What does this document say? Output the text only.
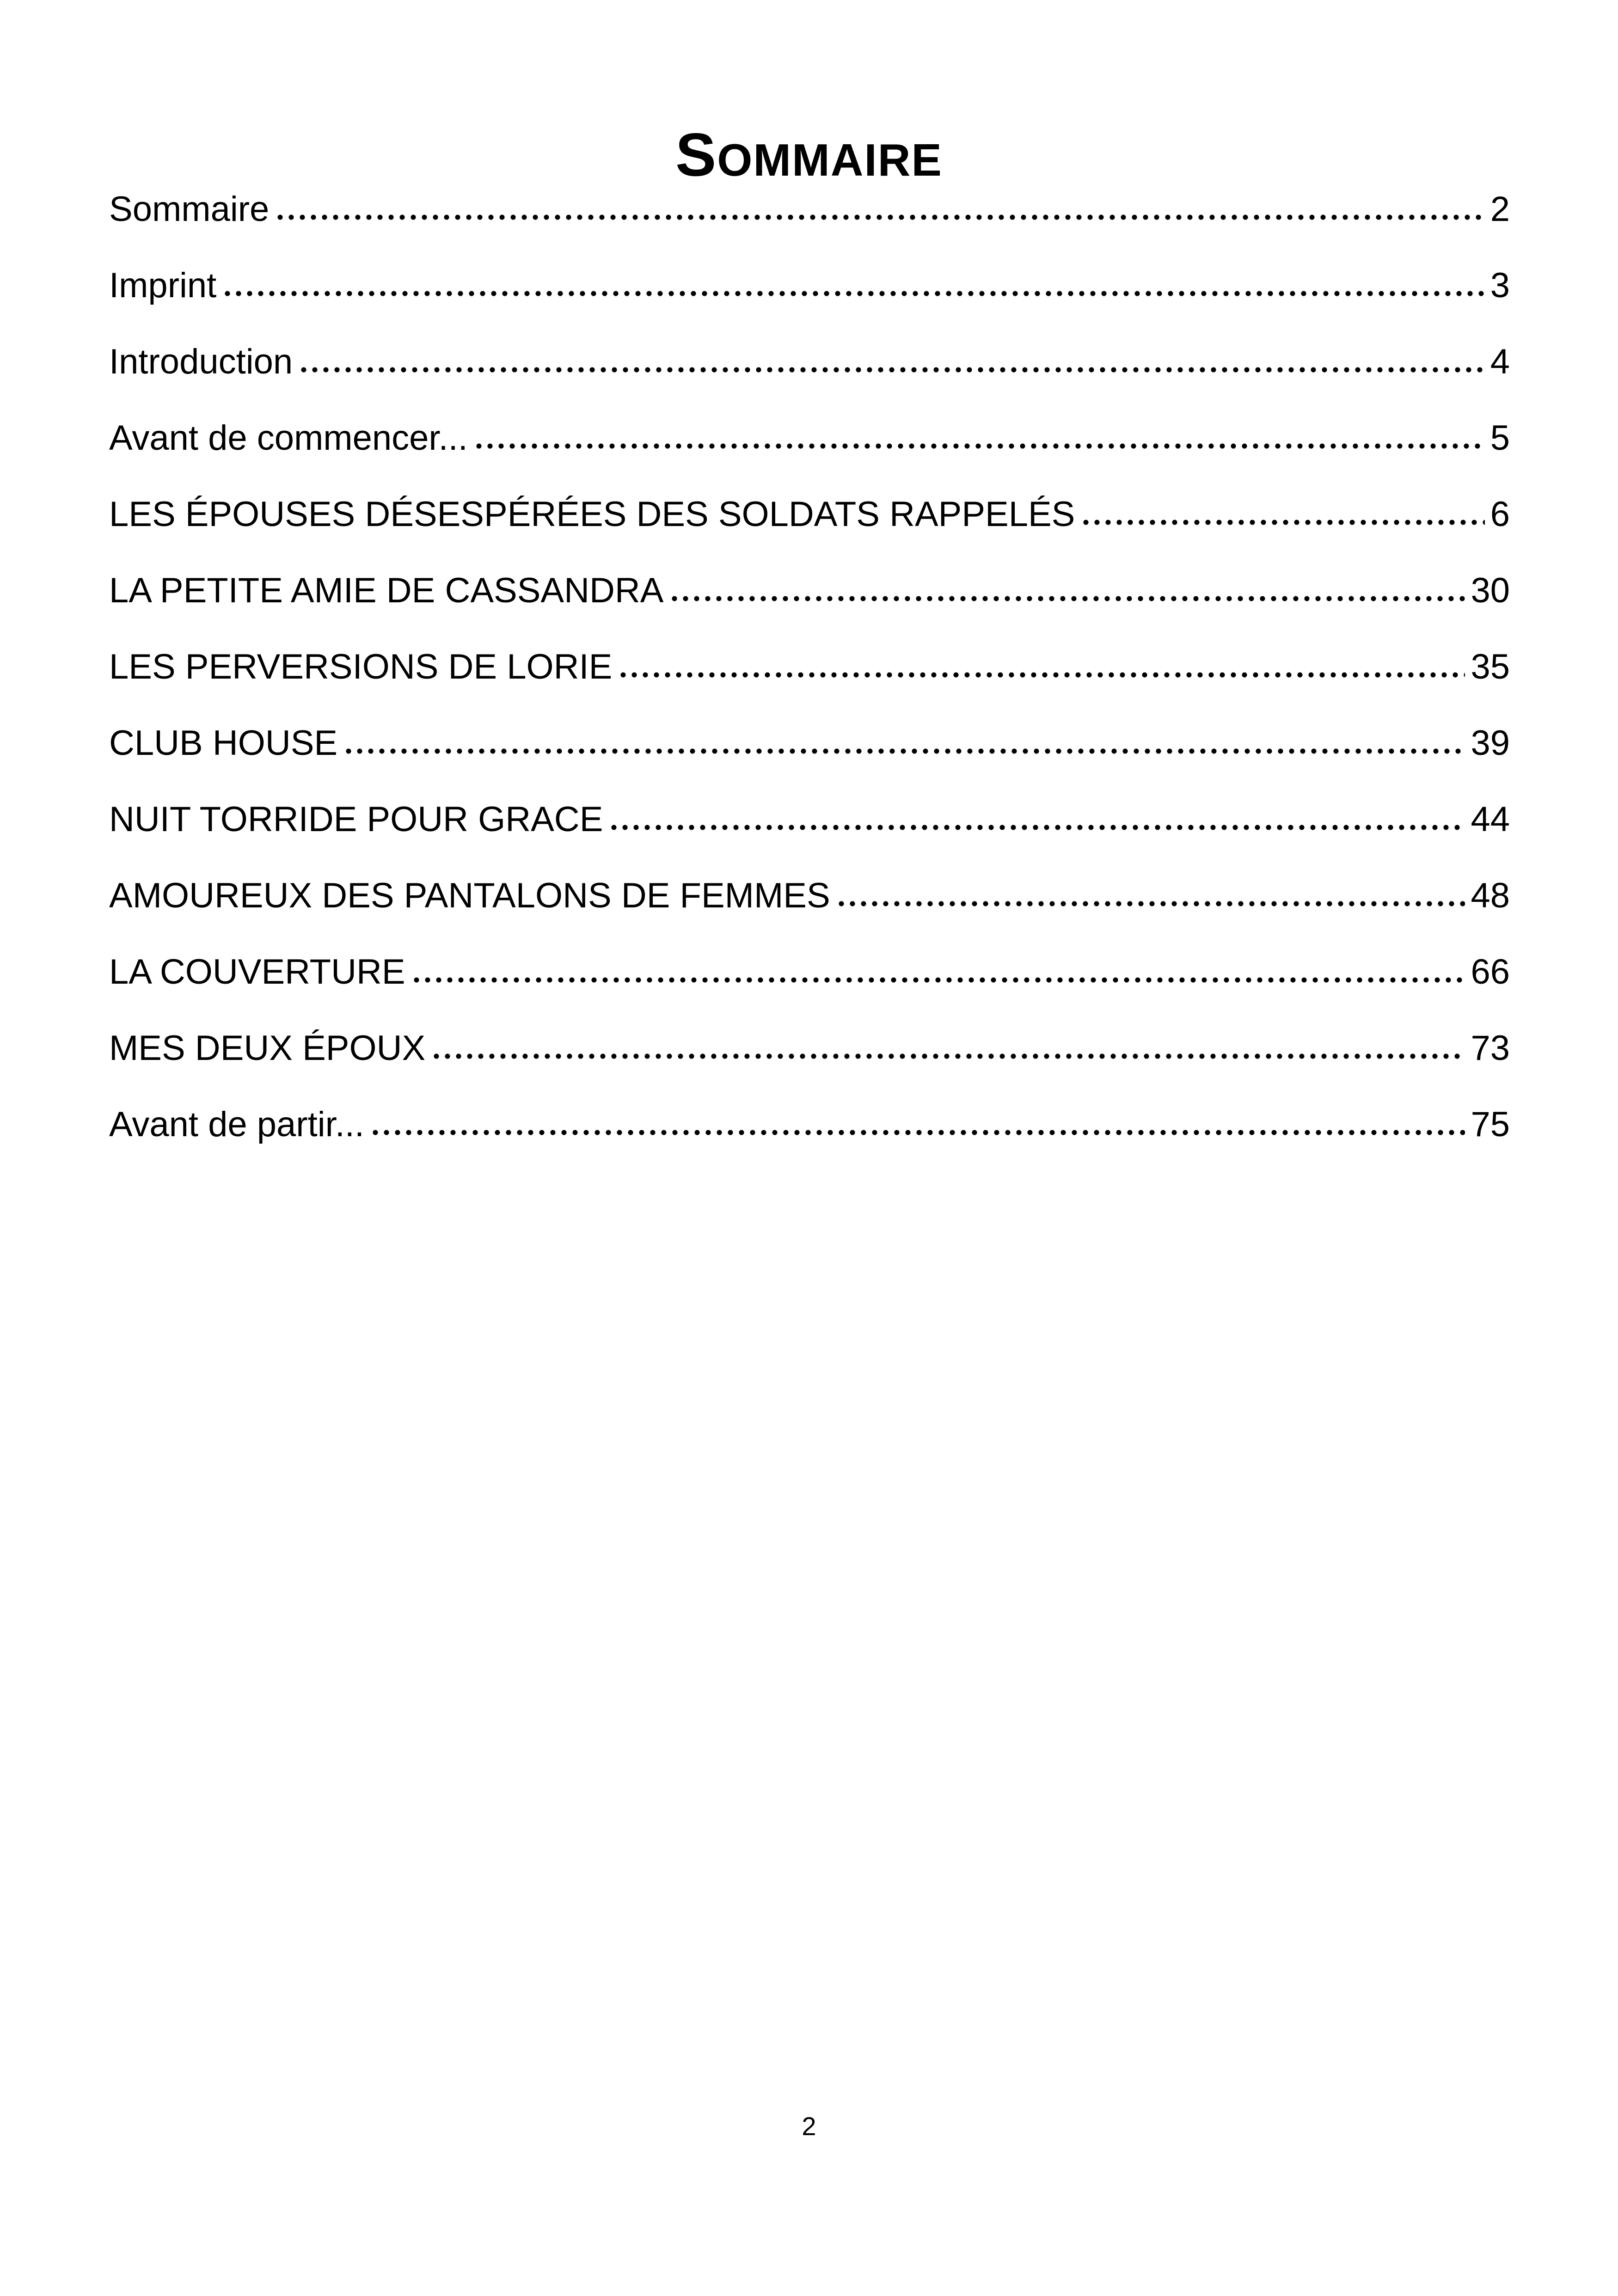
SOMMAIRE
Sommaire	2
Imprint	3
Introduction	4
Avant de commencer...	5
LES ÉPOUSES DÉSESPÉRÉES DES SOLDATS RAPPELÉS	6
LA PETITE AMIE DE CASSANDRA	30
LES PERVERSIONS DE LORIE	35
CLUB HOUSE	39
NUIT TORRIDE POUR GRACE	44
AMOUREUX DES PANTALONS DE FEMMES	48
LA COUVERTURE	66
MES DEUX ÉPOUX	73
Avant de partir...	75
2
